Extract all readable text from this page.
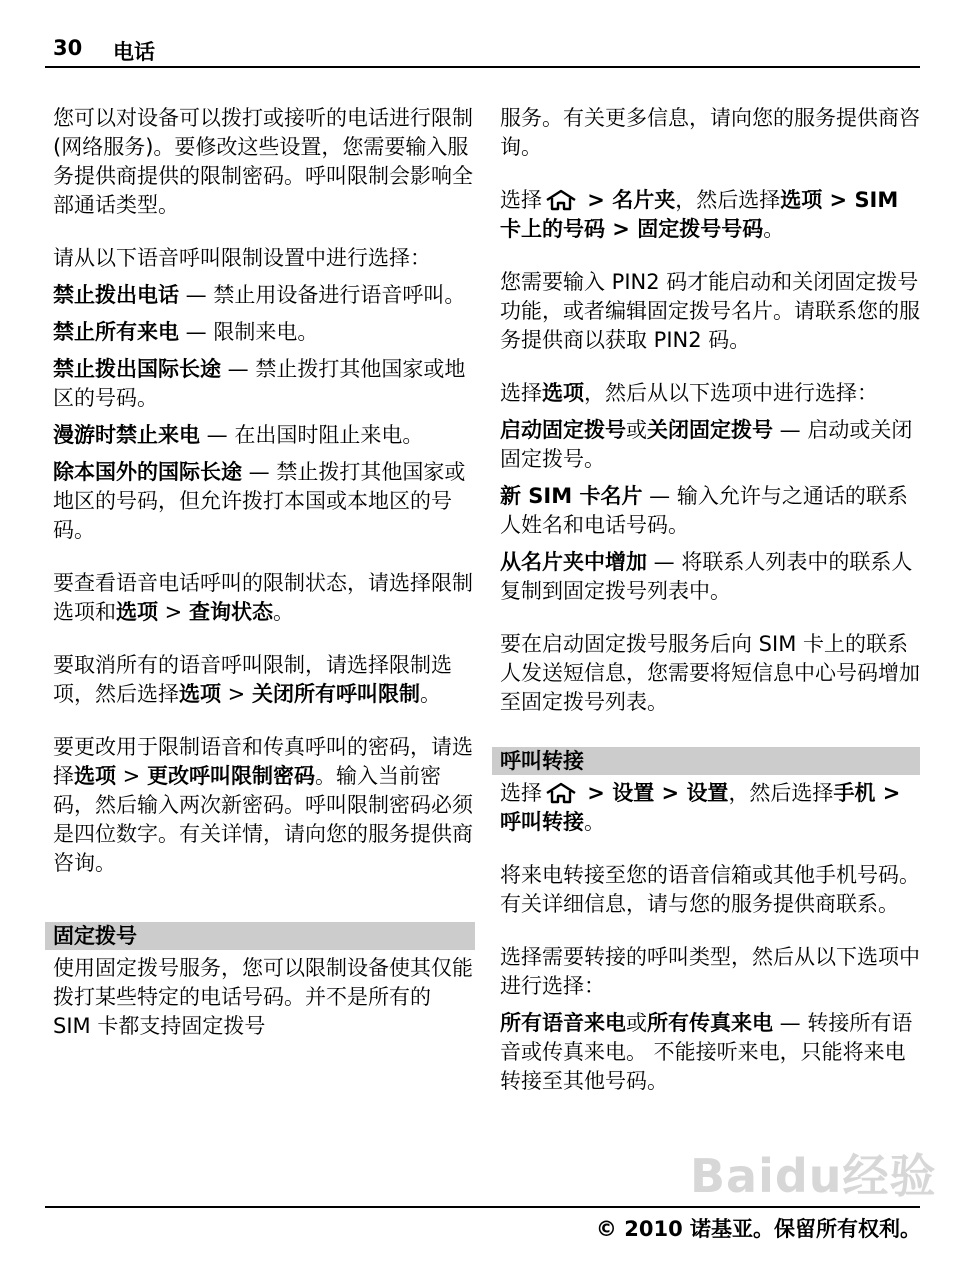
30 电话

您可以对设备可以拨打或接听的电话进行限制 (网络服务)。要修改这些设置，您需要输入服务提供商提供的限制密码。呼叫限制会影响全部通话类型。

请从以下语音呼叫限制设置中进行选择：

禁止拨出电话 — 禁止用设备进行语音呼叫。

禁止所有来电 — 限制来电。

禁止拨出国际长途 — 禁止拨打其他国家或地区的号码。

漫游时禁止来电 — 在出国时阻止来电。

除本国外的国际长途 — 禁止拨打其他国家或地区的号码，但允许拨打本国或本地区的号码。

要查看语音电话呼叫的限制状态，请选择限制选项和选项 > 查询状态。

要取消所有的语音呼叫限制，请选择限制选项，然后选择选项 > 关闭所有呼叫限制。

要更改用于限制语音和传真呼叫的密码，请选择选项 > 更改呼叫限制密码。输入当前密码，然后输入两次新密码。呼叫限制密码必须是四位数字。有关详情，请向您的服务提供商咨询。

固定拨号

使用固定拨号服务，您可以限制设备使其仅能拨打某些特定的电话号码。并不是所有的 SIM 卡都支持固定拨号

服务。有关更多信息，请向您的服务提供商咨询。

选择 > 名片夹，然后选择选项 > SIM 卡上的号码 > 固定拨号号码。

您需要输入 PIN2 码才能启动和关闭固定拨号功能，或者编辑固定拨号名片。请联系您的服务提供商以获取 PIN2 码。

选择选项，然后从以下选项中进行选择：

启动固定拨号或关闭固定拨号 — 启动或关闭固定拨号。

新 SIM 卡名片 — 输入允许与之通话的联系人姓名和电话号码。

从名片夹中增加 — 将联系人列表中的联系人复制到固定拨号列表中。

要在启动固定拨号服务后向 SIM 卡上的联系人发送短信息，您需要将短信息中心号码增加至固定拨号列表。

呼叫转接

选择 > 设置 > 设置，然后选择手机 > 呼叫转接。

将来电转接至您的语音信箱或其他手机号码。有关详细信息，请与您的服务提供商联系。

选择需要转接的呼叫类型，然后从以下选项中进行选择：

所有语音来电或所有传真来电 — 转接所有语音或传真来电。 不能接听来电，只能将来电转接至其他号码。

Baidu经验
© 2010 诺基亚。保留所有权利。
